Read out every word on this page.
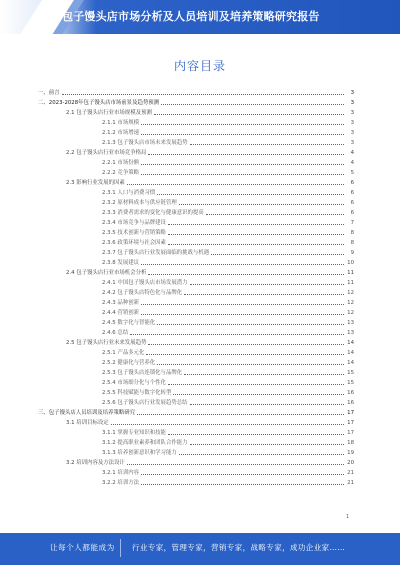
包子馒头店市场分析及人员培训及培养策略研究报告
内容目录
一、前言	3
二、2023-2028年包子馒头店市场前景及趋势预测	3
2.1 包子馒头店行业市场规模及预测	3
2.1.1 市场规模	3
2.1.2 市场增速	3
2.1.3 包子馒头店市场未来发展趋势	3
2.2 包子馒头店行业市场竞争格局	4
2.2.1 市场份额	4
2.2.2 竞争策略	5
2.3 影响行业发展的因素	6
2.3.1 人口与消费习惯	6
2.3.2 原材料成本与供应链管理	6
2.3.3 消费者需求的变化与健康意识的提高	6
2.3.4 市场竞争与品牌建设	7
2.3.5 技术创新与营销策略	8
2.3.6 政策环境与社会因素	8
2.3.7 包子馒头店行业发展面临的挑战与机遇	9
2.3.8 发展建议	10
2.4 包子馒头店行业市场机会分析	11
2.4.1 中国包子馒头店市场发展潜力	11
2.4.2 包子馒头店特色化与品牌化	12
2.4.3 品种创新	12
2.4.4 营销创新	12
2.4.5 数字化与智能化	13
2.4.6 总结	13
2.5 包子馒头店行业未来发展趋势	14
2.5.1 产品多元化	14
2.5.2 健康化与营养化	14
2.5.3 包子馒头店连锁化与品牌化	15
2.5.4 市场细分化与个性化	15
2.5.5 科技赋能与数字化转型	16
2.5.6 包子馒头店行业发展趋势总结	16
三、包子馒头店人员培训及培养策略研究	17
3.1 培训目标设定	17
3.1.1 掌握专业知识和技能	17
3.1.2 提高职业素养和团队合作能力	18
3.1.3 培养创新意识和学习能力	19
3.2 培训内容及方法设计	20
3.2.1 培训内容	21
3.2.2 培训方法	21
1
让每个人都能成为 行业专家，管理专家，营销专家，战略专家，成功企业家……
